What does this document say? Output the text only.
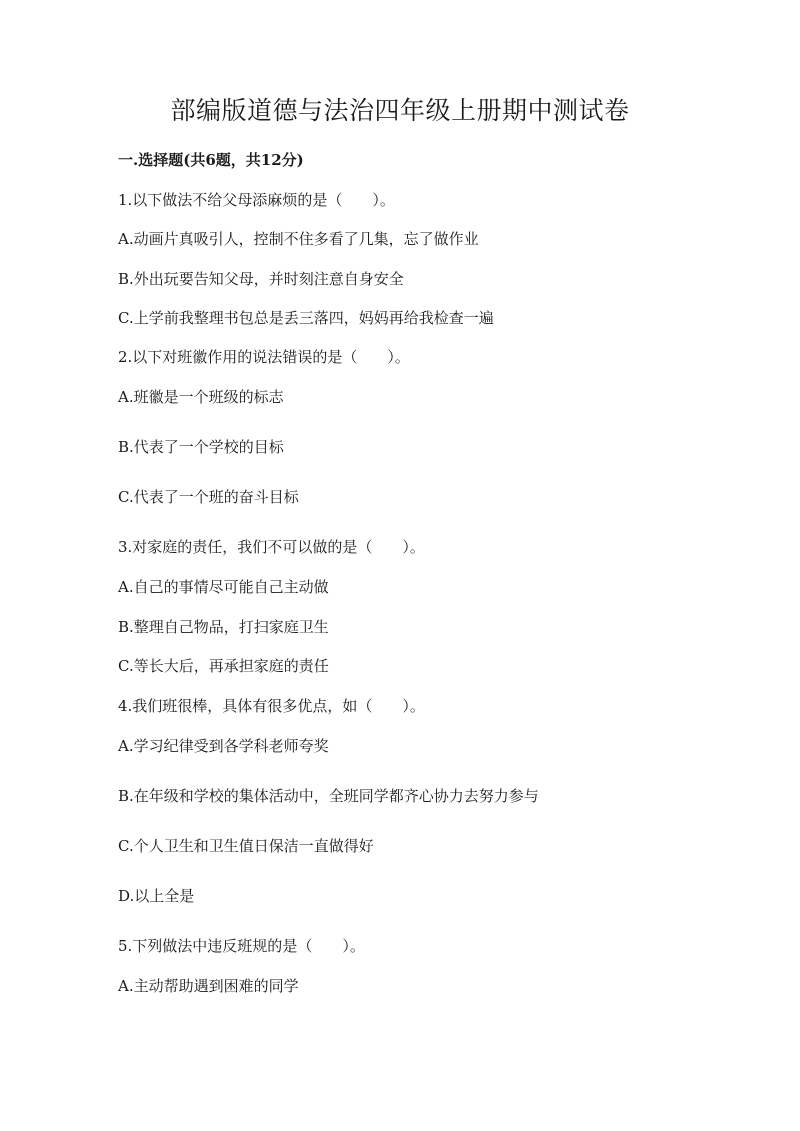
部编版道德与法治四年级上册期中测试卷
一.选择题(共6题，共12分)
1.以下做法不给父母添麻烦的是（　　）。
A.动画片真吸引人，控制不住多看了几集，忘了做作业
B.外出玩要告知父母，并时刻注意自身安全
C.上学前我整理书包总是丢三落四，妈妈再给我检查一遍
2.以下对班徽作用的说法错误的是（　　）。
A.班徽是一个班级的标志
B.代表了一个学校的目标
C.代表了一个班的奋斗目标
3.对家庭的责任，我们不可以做的是（　　）。
A.自己的事情尽可能自己主动做
B.整理自己物品，打扫家庭卫生
C.等长大后，再承担家庭的责任
4.我们班很棒，具体有很多优点，如（　　）。
A.学习纪律受到各学科老师夸奖
B.在年级和学校的集体活动中，全班同学都齐心协力去努力参与
C.个人卫生和卫生值日保洁一直做得好
D.以上全是
5.下列做法中违反班规的是（　　）。
A.主动帮助遇到困难的同学
